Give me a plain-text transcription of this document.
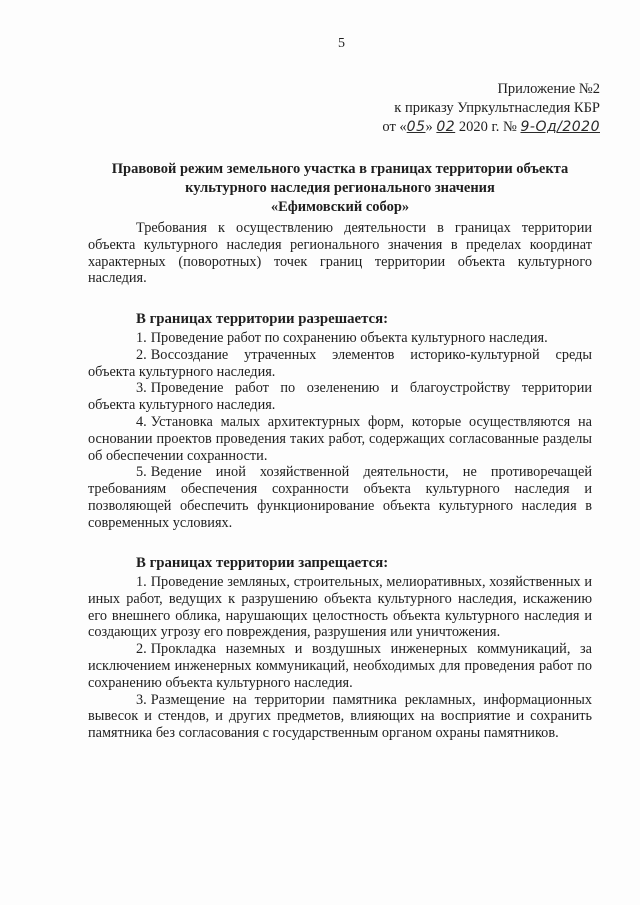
5
Приложение №2
к приказу Упркультнаследия КБР
от «05» 02 2020 г. № 9-Од/2020
Правовой режим земельного участка в границах территории объекта
культурного наследия регионального значения
«Ефимовский собор»

Требования к осуществлению деятельности в границах территории объекта культурного наследия регионального значения в пределах координат характерных (поворотных) точек границ территории объекта культурного наследия.

В границах территории разрешается:

1. Проведение работ по сохранению объекта культурного наследия.

2. Воссоздание утраченных элементов историко-культурной среды объекта культурного наследия.

3. Проведение работ по озеленению и благоустройству территории объекта культурного наследия.

4. Установка малых архитектурных форм, которые осуществляются на основании проектов проведения таких работ, содержащих согласованные разделы об обеспечении сохранности.

5. Ведение иной хозяйственной деятельности, не противоречащей требованиям обеспечения сохранности объекта культурного наследия и позволяющей обеспечить функционирование объекта культурного наследия в современных условиях.

В границах территории запрещается:

1. Проведение земляных, строительных, мелиоративных, хозяйственных и иных работ, ведущих к разрушению объекта культурного наследия, искажению его внешнего облика, нарушающих целостность объекта культурного наследия и создающих угрозу его повреждения, разрушения или уничтожения.

2. Прокладка наземных и воздушных инженерных коммуникаций, за исключением инженерных коммуникаций, необходимых для проведения работ по сохранению объекта культурного наследия.

3. Размещение на территории памятника рекламных, информационных вывесок и стендов, и других предметов, влияющих на восприятие и сохранить памятника без согласования с государственным органом охраны памятников.
